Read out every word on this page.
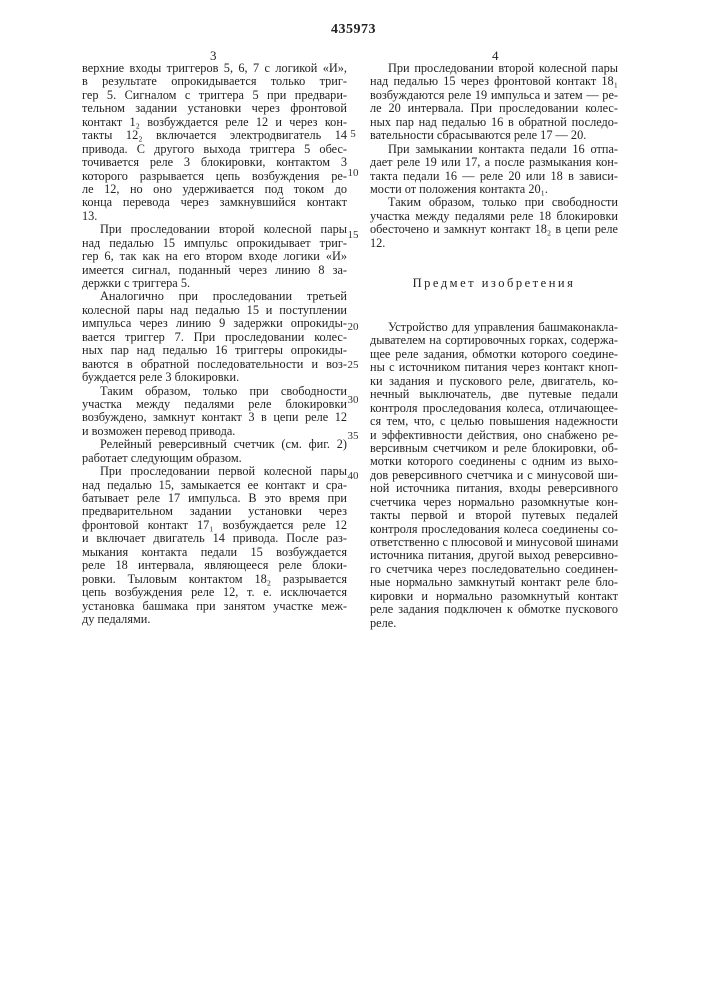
435973
3	4
верхние входы триггеров 5, 6, 7 с логикой «И»,
в результате опрокидывается только триг-
гер 5. Сигналом с триггера 5 при предвари-
тельном задании установки через фронтовой
контакт 1₂ возбуждается реле 12 и через кон-
такты 12₂ включается электродвигатель 14
привода. С другого выхода триггера 5 обес-
точивается реле 3 блокировки, контактом 3
которого разрывается цепь возбуждения ре-
ле 12, но оно удерживается под током до
конца перевода через замкнувшийся контакт
13.
При проследовании второй колесной пары
над педалью 15 импульс опрокидывает триг-
гер 6, так как на его втором входе логики «И»
имеется сигнал, поданный через линию 8 за-
держки с триггера 5.
Аналогично при проследовании третьей
колесной пары над педалью 15 и поступлении
импульса через линию 9 задержки опрокиды-
вается триггер 7. При проследовании колес-
ных пар над педалью 16 триггеры опрокиды-
ваются в обратной последовательности и воз-
буждается реле 3 блокировки.
Таким образом, только при свободности
участка между педалями реле блокировки
возбуждено, замкнут контакт 3 в цепи реле 12
и возможен перевод привода.
Релейный реверсивный счетчик (см. фиг. 2)
работает следующим образом.
При проследовании первой колесной пары
над педалью 15, замыкается ее контакт и сра-
батывает реле 17 импульса. В это время при
предварительном задании установки через
фронтовой контакт 17₁ возбуждается реле 12
и включает двигатель 14 привода. После раз-
мыкания контакта педали 15 возбуждается
реле 18 интервала, являющееся реле блоки-
ровки. Тыловым контактом 18₂ разрывается
цепь возбуждения реле 12, т. е. исключается
установка башмака при занятом участке меж-
ду педалями.
При проследовании второй колесной пары
над педалью 15 через фронтовой контакт 18₁
возбуждаются реле 19 импульса и затем — ре-
ле 20 интервала. При проследовании колес-
ных пар над педалью 16 в обратной последо-
вательности сбрасываются реле 17 — 20.
При замыкании контакта педали 16 отпа-
дает реле 19 или 17, а после размыкания кон-
такта педали 16 — реле 20 или 18 в зависи-
мости от положения контакта 20₁.
Таким образом, только при свободности
участка между педалями реле 18 блокировки
обесточено и замкнут контакт 18₂ в цепи реле
12.
Предмет изобретения
Устройство для управления башмаконакла-
дывателем на сортировочных горках, содержа-
щее реле задания, обмотки которого соедине-
ны с источником питания через контакт кноп-
ки задания и пускового реле, двигатель, ко-
нечный выключатель, две путевые педали
контроля проследования колеса, отличающее-
ся тем, что, с целью повышения надежности
и эффективности действия, оно снабжено ре-
версивным счетчиком и реле блокировки, об-
мотки которого соединены с одним из выхо-
дов реверсивного счетчика и с минусовой ши-
ной источника питания, входы реверсивного
счетчика через нормально разомкнутые кон-
такты первой и второй путевых педалей
контроля проследования колеса соединены со-
ответственно с плюсовой и минусовой шинами
источника питания, другой выход реверсивно-
го счетчика через последовательно соединен-
ные нормально замкнутый контакт реле бло-
кировки и нормально разомкнутый контакт
реле задания подключен к обмотке пускового
реле.
5
10
15
20
25
30
35
40
